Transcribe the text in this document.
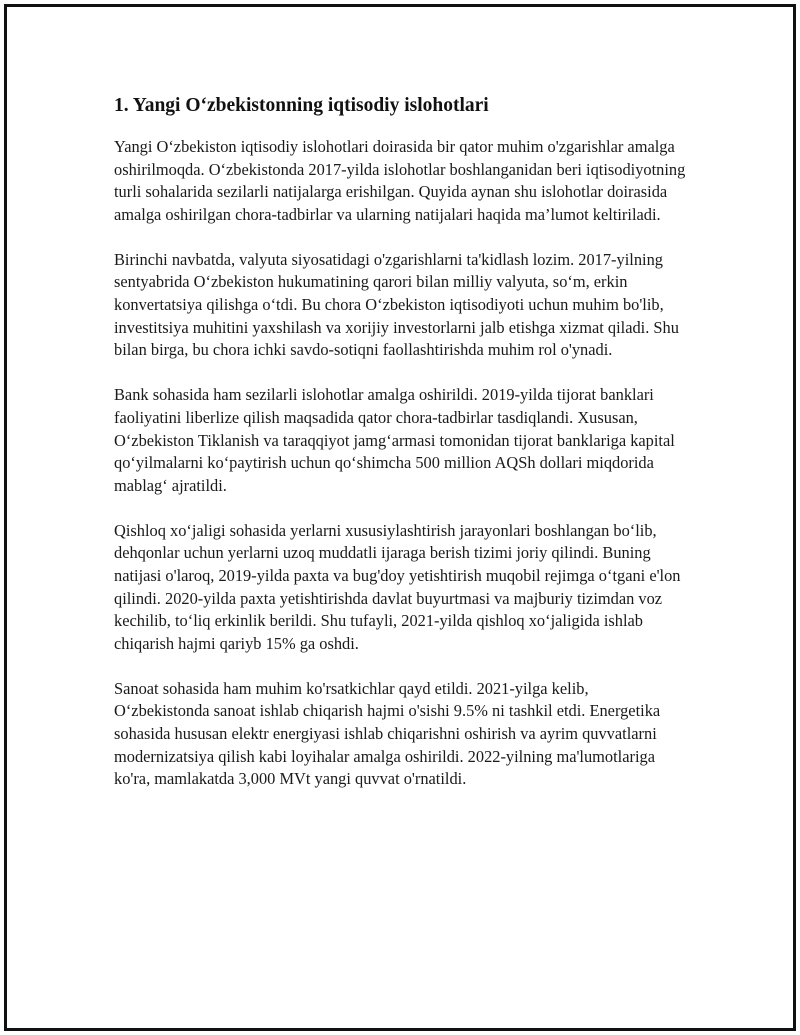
1. Yangi O‘zbekistonning iqtisodiy islohotlari

Yangi O‘zbekiston iqtisodiy islohotlari doirasida bir qator muhim o'zgarishlar amalga oshirilmoqda. O‘zbekistonda 2017-yilda islohotlar boshlanganidan beri iqtisodiyotning turli sohalarida sezilarli natijalarga erishilgan. Quyida aynan shu islohotlar doirasida amalga oshirilgan chora-tadbirlar va ularning natijalari haqida ma’lumot keltiriladi.

Birinchi navbatda, valyuta siyosatidagi o'zgarishlarni ta'kidlash lozim. 2017-yilning sentyabrida O‘zbekiston hukumatining qarori bilan milliy valyuta, so‘m, erkin konvertatsiya qilishga o‘tdi. Bu chora O‘zbekiston iqtisodiyoti uchun muhim bo'lib, investitsiya muhitini yaxshilash va xorijiy investorlarni jalb etishga xizmat qiladi. Shu bilan birga, bu chora ichki savdo-sotiqni faollashtirishda muhim rol o'ynadi.

Bank sohasida ham sezilarli islohotlar amalga oshirildi. 2019-yilda tijorat banklari faoliyatini liberlize qilish maqsadida qator chora-tadbirlar tasdiqlandi. Xususan, O‘zbekiston Tiklanish va taraqqiyot jamg‘armasi tomonidan tijorat banklariga kapital qo‘yilmalarni ko‘paytirish uchun qo‘shimcha 500 million AQSh dollari miqdorida mablag‘ ajratildi.

Qishloq xo‘jaligi sohasida yerlarni xususiylashtirish jarayonlari boshlangan bo‘lib, dehqonlar uchun yerlarni uzoq muddatli ijaraga berish tizimi joriy qilindi. Buning natijasi o'laroq, 2019-yilda paxta va bug'doy yetishtirish muqobil rejimga o‘tgani e'lon qilindi. 2020-yilda paxta yetishtirishda davlat buyurtmasi va majburiy tizimdan voz kechilib, to‘liq erkinlik berildi. Shu tufayli, 2021-yilda qishloq xo‘jaligida ishlab chiqarish hajmi qariyb 15% ga oshdi.

Sanoat sohasida ham muhim ko'rsatkichlar qayd etildi. 2021-yilga kelib, O‘zbekistonda sanoat ishlab chiqarish hajmi o'sishi 9.5% ni tashkil etdi. Energetika sohasida hususan elektr energiyasi ishlab chiqarishni oshirish va ayrim quvvatlarni modernizatsiya qilish kabi loyihalar amalga oshirildi. 2022-yilning ma'lumotlariga ko'ra, mamlakatda 3,000 MVt yangi quvvat o'rnatildi.
